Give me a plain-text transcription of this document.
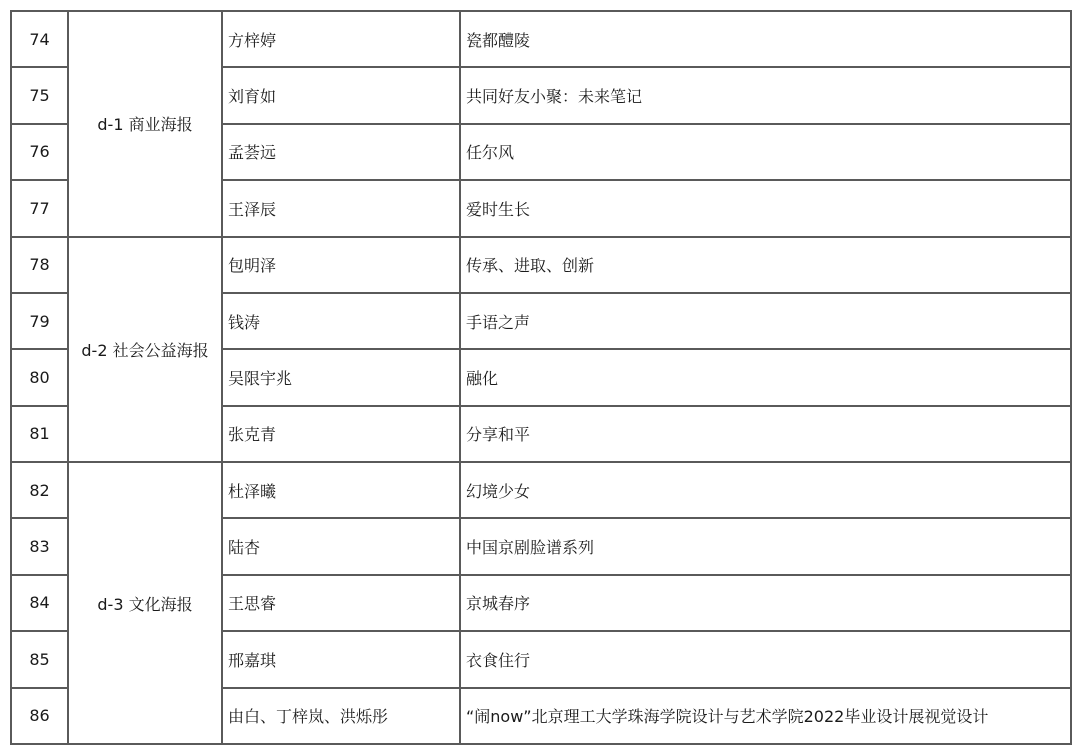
74	d-1 商业海报	方梓婷	瓷都醴陵
75		刘育如	共同好友小聚：未来笔记
76		孟荟远	任尔风
77		王泽辰	爱时生长
78	d-2 社会公益海报	包明泽	传承、进取、创新
79		钱涛	手语之声
80		吴限宇兆	融化
81		张克青	分享和平
82	d-3 文化海报	杜泽曦	幻境少女
83		陆杏	中国京剧脸谱系列
84		王思睿	京城春序
85		邢嘉琪	衣食住行
86		由白、丁梓岚、洪烁彤	“闹now”北京理工大学珠海学院设计与艺术学院2022毕业设计展视觉设计
